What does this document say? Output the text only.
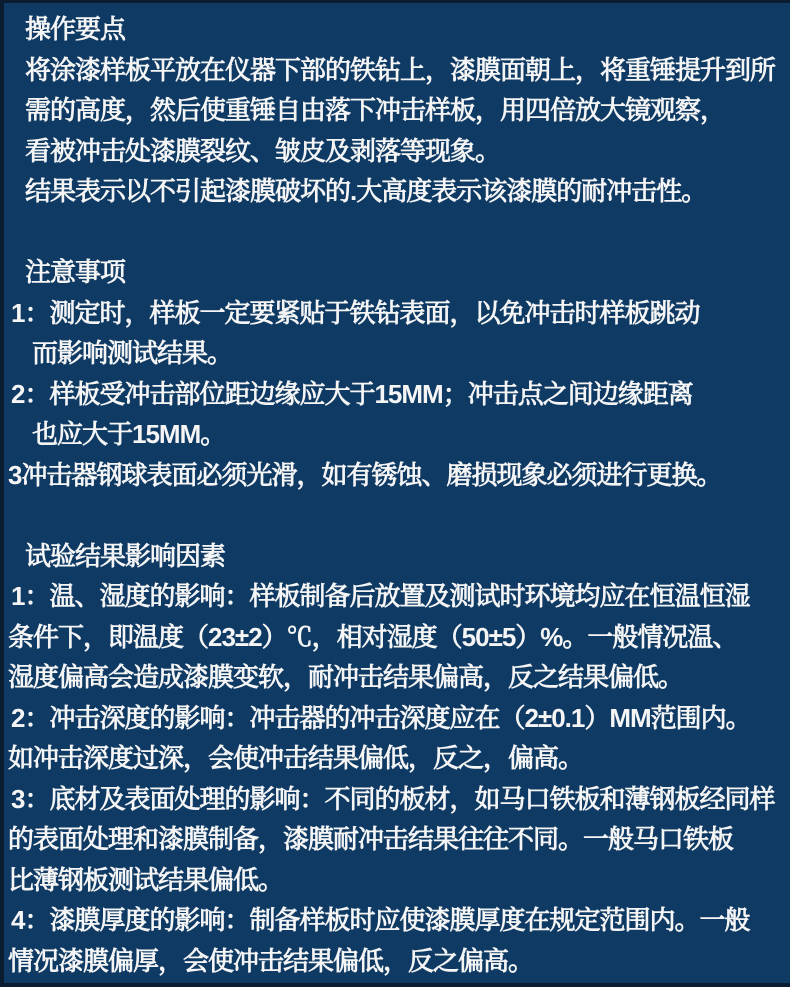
操作要点
将涂漆样板平放在仪器下部的铁钻上，漆膜面朝上，将重锤提升到所
需的高度，然后使重锤自由落下冲击样板，用四倍放大镜观察，
看被冲击处漆膜裂纹、皱皮及剥落等现象。
结果表示以不引起漆膜破坏的.大高度表示该漆膜的耐冲击性。
注意事项
1：测定时，样板一定要紧贴于铁钻表面，以免冲击时样板跳动
而影响测试结果。
2：样板受冲击部位距边缘应大于15MM；冲击点之间边缘距离
也应大于15MM。
3冲击器钢球表面必须光滑，如有锈蚀、磨损现象必须进行更换。
试验结果影响因素
1：温、湿度的影响：样板制备后放置及测试时环境均应在恒温恒湿
条件下，即温度（23±2）℃，相对湿度（50±5）%。一般情况温、
湿度偏高会造成漆膜变软，耐冲击结果偏高，反之结果偏低。
2：冲击深度的影响：冲击器的冲击深度应在（2±0.1）MM范围内。
如冲击深度过深，会使冲击结果偏低，反之，偏高。
3：底材及表面处理的影响：不同的板材，如马口铁板和薄钢板经同样
的表面处理和漆膜制备，漆膜耐冲击结果往往不同。一般马口铁板
比薄钢板测试结果偏低。
4：漆膜厚度的影响：制备样板时应使漆膜厚度在规定范围内。一般
情况漆膜偏厚，会使冲击结果偏低，反之偏高。
